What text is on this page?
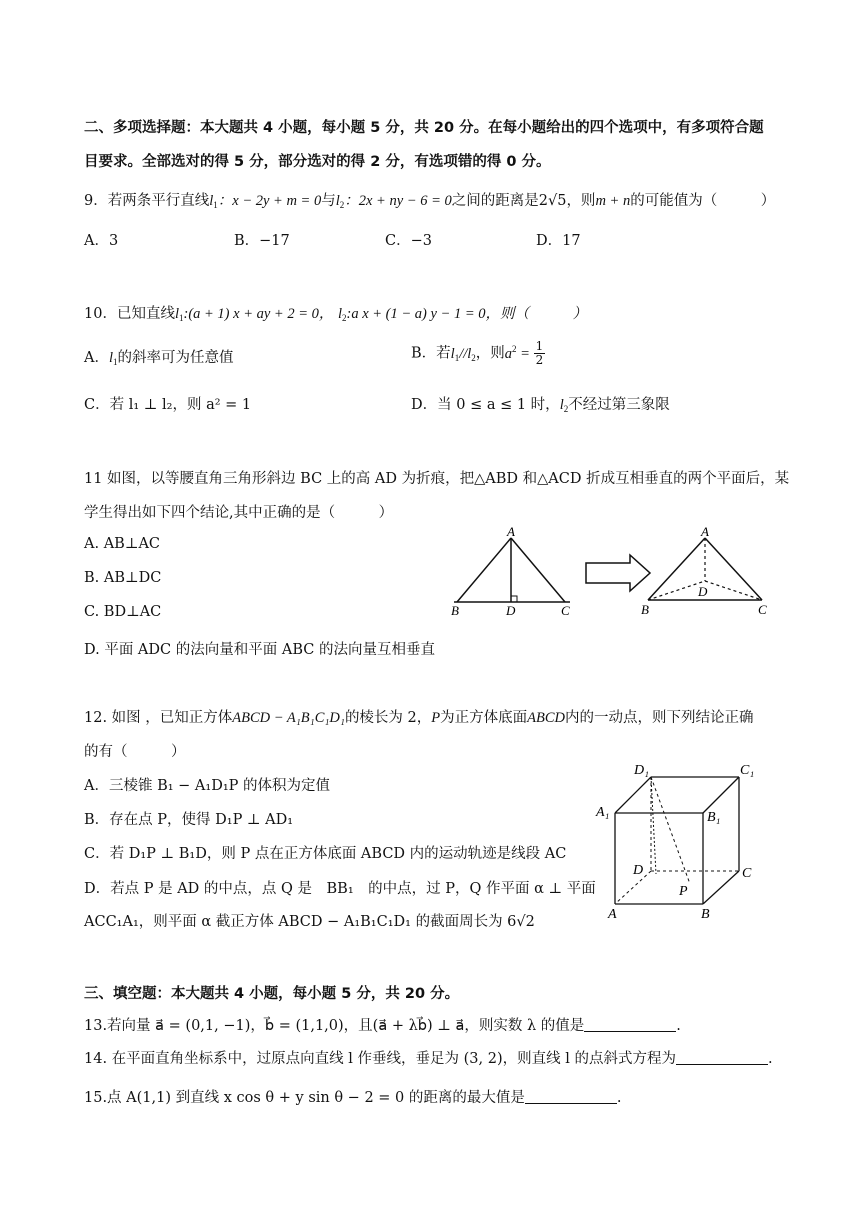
二、多项选择题：本大题共 4 小题，每小题 5 分，共 20 分。在每小题给出的四个选项中，有多项符合题
目要求。全部选对的得 5 分，部分选对的得 2 分，有选项错的得 0 分。
9．若两条平行直线$l_1$：x − 2y + m = 0与$l_2$：2x + ny − 6 = 0之间的距离是2√5，则m + n的可能值为（　　　）
A．3	B．−17	C．−3	D．17
10．已知直线$l_1:(a + 1) x$ + ay + 2 = 0， $l_2:a$ x + (1 − a) y − 1 = 0，则（　　　）
A．$l_1$的斜率可为任意值	B．若$l_1//l_2$，则$a^2 = \frac{1}{2}$
C．若 l₁ ⊥ l₂，则 a² = 1	D．当 0 ≤ a ≤ 1 时，$l_2$不经过第三象限
11 如图，以等腰直角三角形斜边 BC 上的高 AD 为折痕，把△ABD 和△ACD 折成互相垂直的两个平面后，某
学生得出如下四个结论,其中正确的是（　　　）
A. AB⊥AC
B. AB⊥DC
C. BD⊥AC
D. 平面 ADC 的法向量和平面 ABC 的法向量互相垂直
A
B	D	C
A
D
B	C
12. 如图 ，已知正方体ABCD − A₁B₁C₁D₁的棱长为 2，P为正方体底面ABCD内的一动点，则下列结论正确
的有（　　　）
A．三棱锥 B₁ − A₁D₁P 的体积为定值
B．存在点 P，使得 D₁P ⊥ AD₁
C．若 D₁P ⊥ B₁D，则 P 点在正方体底面 ABCD 内的运动轨迹是线段 AC
D．若点 P 是 AD 的中点，点 Q 是　BB₁　的中点，过 P，Q 作平面 α ⊥ 平面
ACC₁A₁，则平面 α 截正方体 ABCD − A₁B₁C₁D₁ 的截面周长为 6√2
D₁	C₁
A₁	B₁
D	C
P
A	B
三、填空题：本大题共 4 小题，每小题 5 分，共 20 分。
13.若向量 a⃗ = (0,1, −1)，b⃗ = (1,1,0)，且(a⃗ + λb⃗) ⊥ a⃗，则实数 λ 的值是	.
14. 在平面直角坐标系中，过原点向直线 l 作垂线，垂足为 (3, 2)，则直线 l 的点斜式方程为	.
15.点 A(1,1) 到直线 x cos θ + y sin θ − 2 = 0 的距离的最大值是	.
